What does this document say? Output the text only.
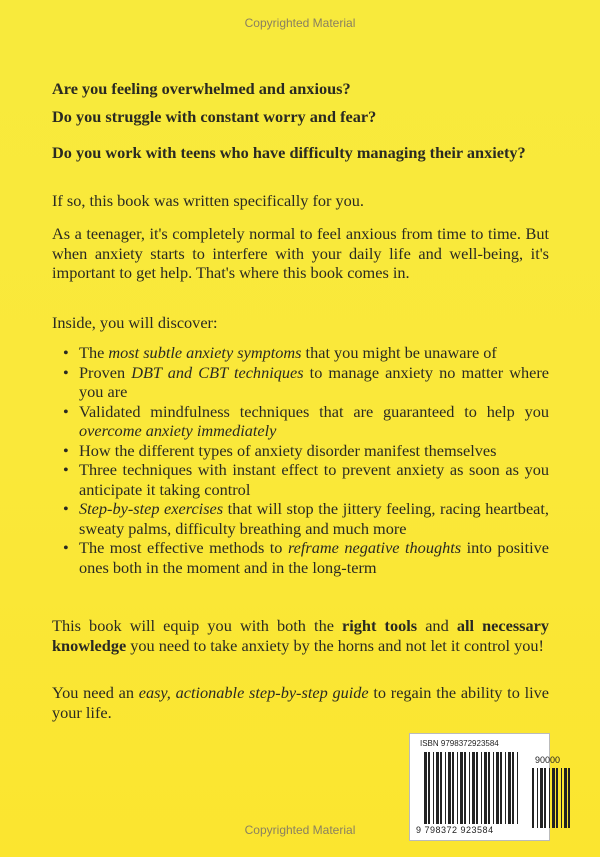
Copyrighted Material
Are you feeling overwhelmed and anxious?
Do you struggle with constant worry and fear?
Do you work with teens who have difficulty managing their anxiety?
If so, this book was written specifically for you.
As a teenager, it's completely normal to feel anxious from time to time. But when anxiety starts to interfere with your daily life and well-being, it's important to get help. That's where this book comes in.
Inside, you will discover:
• The most subtle anxiety symptoms that you might be unaware of
• Proven DBT and CBT techniques to manage anxiety no matter where you are
• Validated mindfulness techniques that are guaranteed to help you overcome anxiety immediately
• How the different types of anxiety disorder manifest themselves
• Three techniques with instant effect to prevent anxiety as soon as you anticipate it taking control
• Step-by-step exercises that will stop the jittery feeling, racing heartbeat, sweaty palms, difficulty breathing and much more
• The most effective methods to reframe negative thoughts into positive ones both in the moment and in the long-term
This book will equip you with both the right tools and all necessary knowledge you need to take anxiety by the horns and not let it control you!
You need an easy, actionable step-by-step guide to regain the ability to live your life.
ISBN 9798372923584
90000
9 798372 923584
Copyrighted Material
